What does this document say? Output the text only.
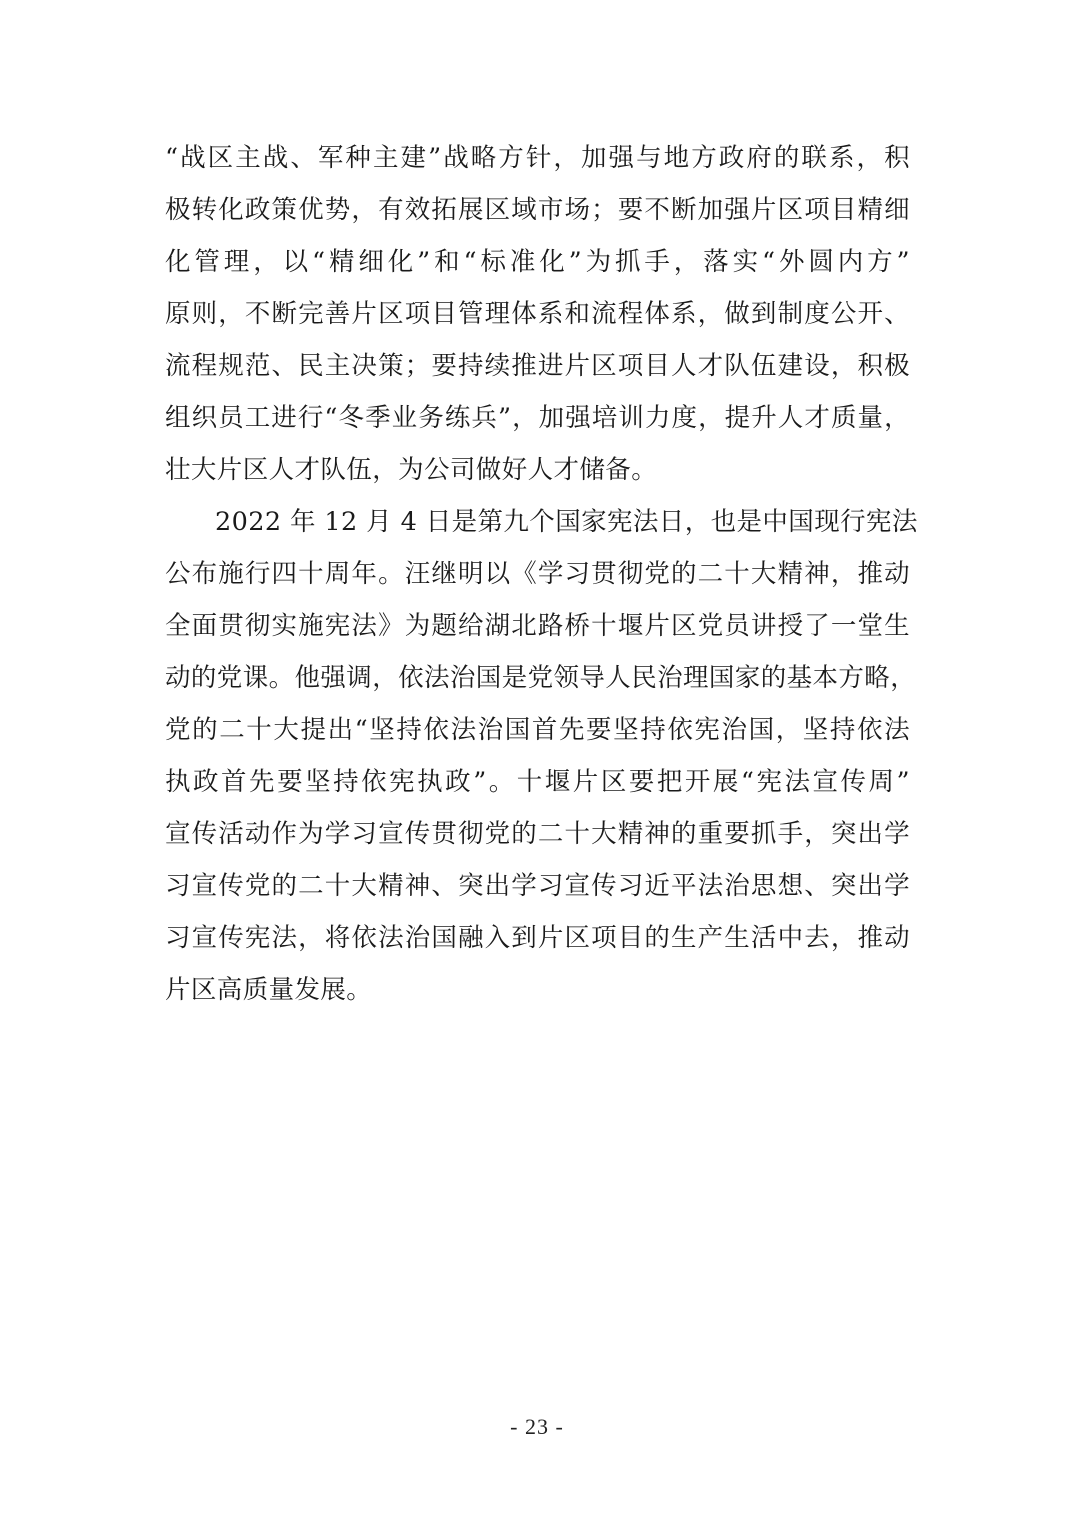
“战区主战、军种主建”战略方针，加强与地方政府的联系，积
极转化政策优势，有效拓展区域市场；要不断加强片区项目精细
化管理，以“精细化”和“标准化”为抓手，落实“外圆内方”
原则，不断完善片区项目管理体系和流程体系，做到制度公开、
流程规范、民主决策；要持续推进片区项目人才队伍建设，积极
组织员工进行“冬季业务练兵”，加强培训力度，提升人才质量，
壮大片区人才队伍，为公司做好人才储备。
2022 年 12 月 4 日是第九个国家宪法日，也是中国现行宪法
公布施行四十周年。汪继明以《学习贯彻党的二十大精神，推动
全面贯彻实施宪法》为题给湖北路桥十堰片区党员讲授了一堂生
动的党课。他强调，依法治国是党领导人民治理国家的基本方略，
党的二十大提出“坚持依法治国首先要坚持依宪治国，坚持依法
执政首先要坚持依宪执政”。十堰片区要把开展“宪法宣传周”
宣传活动作为学习宣传贯彻党的二十大精神的重要抓手，突出学
习宣传党的二十大精神、突出学习宣传习近平法治思想、突出学
习宣传宪法，将依法治国融入到片区项目的生产生活中去，推动
片区高质量发展。
- 23 -
